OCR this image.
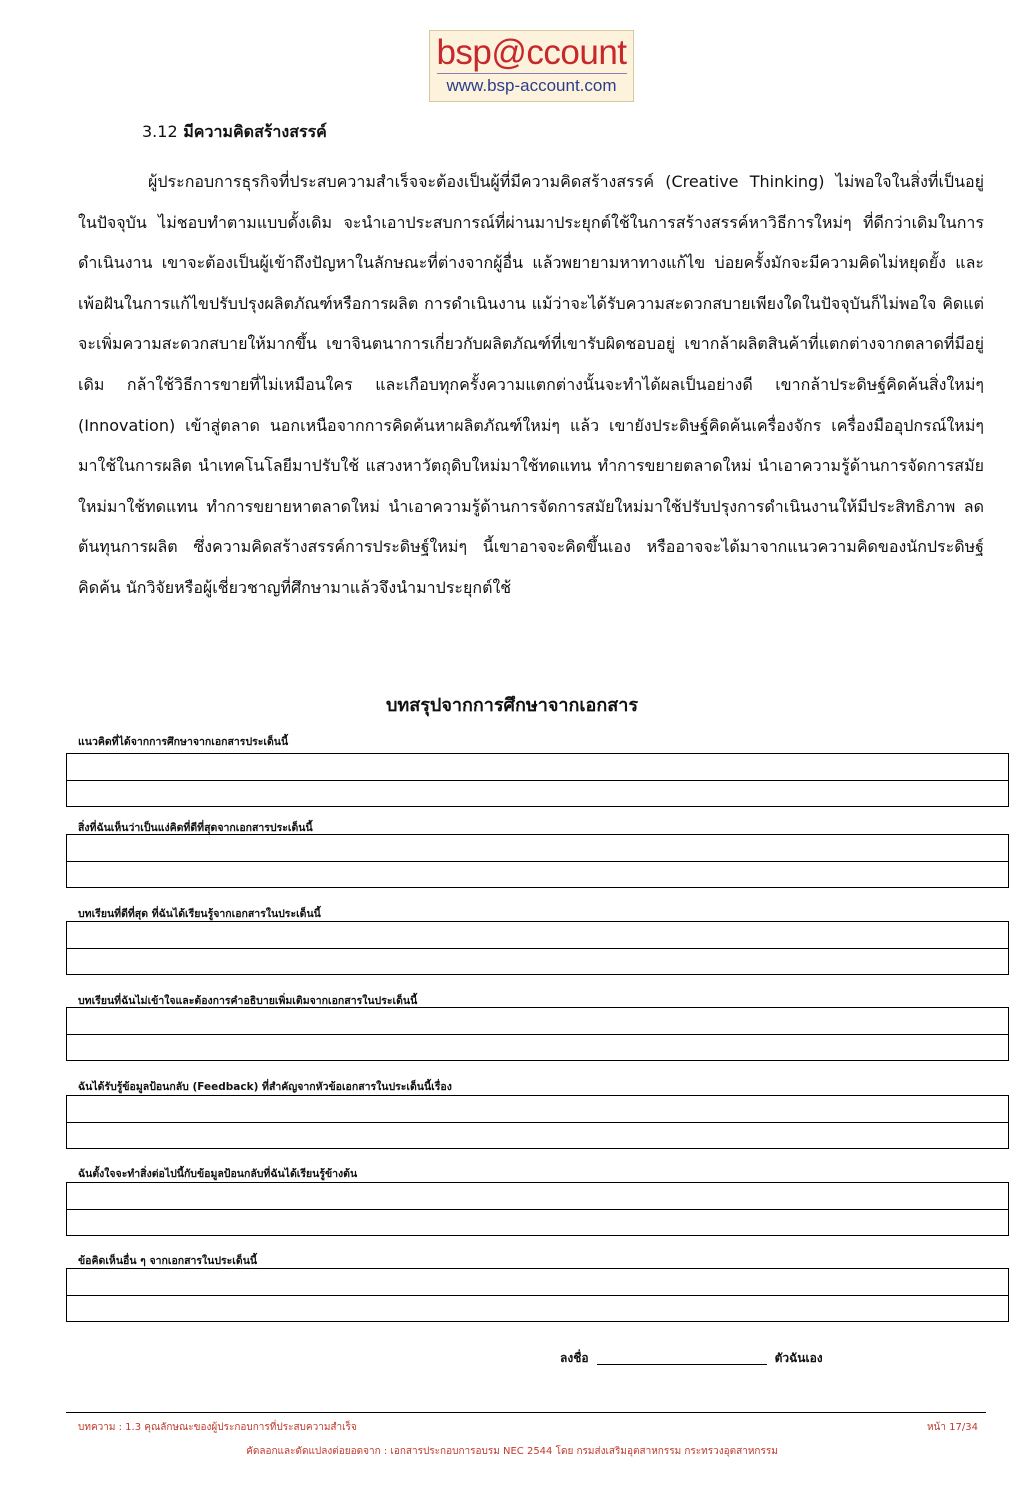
bsp@ccount
www.bsp-account.com
3.12 มีความคิดสร้างสรรค์

ผู้ประกอบการธุรกิจที่ประสบความสำเร็จจะต้องเป็นผู้ที่มีความคิดสร้างสรรค์ (Creative Thinking) ไม่พอใจในสิ่งที่เป็นอยู่ในปัจจุบัน ไม่ชอบทำตามแบบดั้งเดิม จะนำเอาประสบการณ์ที่ผ่านมาประยุกต์ใช้ในการสร้างสรรค์หาวิธีการใหม่ๆ ที่ดีกว่าเดิมในการดำเนินงาน เขาจะต้องเป็นผู้เข้าถึงปัญหาในลักษณะที่ต่างจากผู้อื่น แล้วพยายามหาทางแก้ไข บ่อยครั้งมักจะมีความคิดไม่หยุดยั้ง และเพ้อฝันในการแก้ไขปรับปรุงผลิตภัณฑ์หรือการผลิต การดำเนินงาน แม้ว่าจะได้รับความสะดวกสบายเพียงใดในปัจจุบันก็ไม่พอใจ คิดแต่จะเพิ่มความสะดวกสบายให้มากขึ้น เขาจินตนาการเกี่ยวกับผลิตภัณฑ์ที่เขารับผิดชอบอยู่ เขากล้าผลิตสินค้าที่แตกต่างจากตลาดที่มีอยู่เดิม กล้าใช้วิธีการขายที่ไม่เหมือนใคร และเกือบทุกครั้งความแตกต่างนั้นจะทำได้ผลเป็นอย่างดี เขากล้าประดิษฐ์คิดค้นสิ่งใหม่ๆ (Innovation) เข้าสู่ตลาด นอกเหนือจากการคิดค้นหาผลิตภัณฑ์ใหม่ๆ แล้ว เขายังประดิษฐ์คิดค้นเครื่องจักร เครื่องมืออุปกรณ์ใหม่ๆ มาใช้ในการผลิต นำเทคโนโลยีมาปรับใช้ แสวงหาวัตถุดิบใหม่มาใช้ทดแทน ทำการขยายตลาดใหม่ นำเอาความรู้ด้านการจัดการสมัยใหม่มาใช้ทดแทน ทำการขยายหาตลาดใหม่ นำเอาความรู้ด้านการจัดการสมัยใหม่มาใช้ปรับปรุงการดำเนินงานให้มีประสิทธิภาพ ลดต้นทุนการผลิต ซึ่งความคิดสร้างสรรค์การประดิษฐ์ใหม่ๆ นี้เขาอาจจะคิดขึ้นเอง หรืออาจจะได้มาจากแนวความคิดของนักประดิษฐ์คิดค้น นักวิจัยหรือผู้เชี่ยวชาญที่ศึกษามาแล้วจึงนำมาประยุกต์ใช้

บทสรุปจากการศึกษาจากเอกสาร

แนวคิดที่ได้จากการศึกษาจากเอกสารประเด็นนี้

สิ่งที่ฉันเห็นว่าเป็นแง่คิดที่ดีที่สุดจากเอกสารประเด็นนี้

บทเรียนที่ดีที่สุด ที่ฉันได้เรียนรู้จากเอกสารในประเด็นนี้

บทเรียนที่ฉันไม่เข้าใจและต้องการคำอธิบายเพิ่มเติมจากเอกสารในประเด็นนี้

ฉันได้รับรู้ข้อมูลป้อนกลับ (Feedback) ที่สำคัญจากหัวข้อเอกสารในประเด็นนี้เรื่อง

ฉันตั้งใจจะทำสิ่งต่อไปนี้กับข้อมูลป้อนกลับที่ฉันได้เรียนรู้ข้างต้น

ข้อคิดเห็นอื่น ๆ จากเอกสารในประเด็นนี้

ลงชื่อ	ตัวฉันเอง
บทความ : 1.3 คุณลักษณะของผู้ประกอบการที่ประสบความสำเร็จ	หน้า 17/34
คัดลอกและดัดแปลงต่อยอดจาก : เอกสารประกอบการอบรม NEC 2544 โดย กรมส่งเสริมอุตสาหกรรม กระทรวงอุตสาหกรรม
